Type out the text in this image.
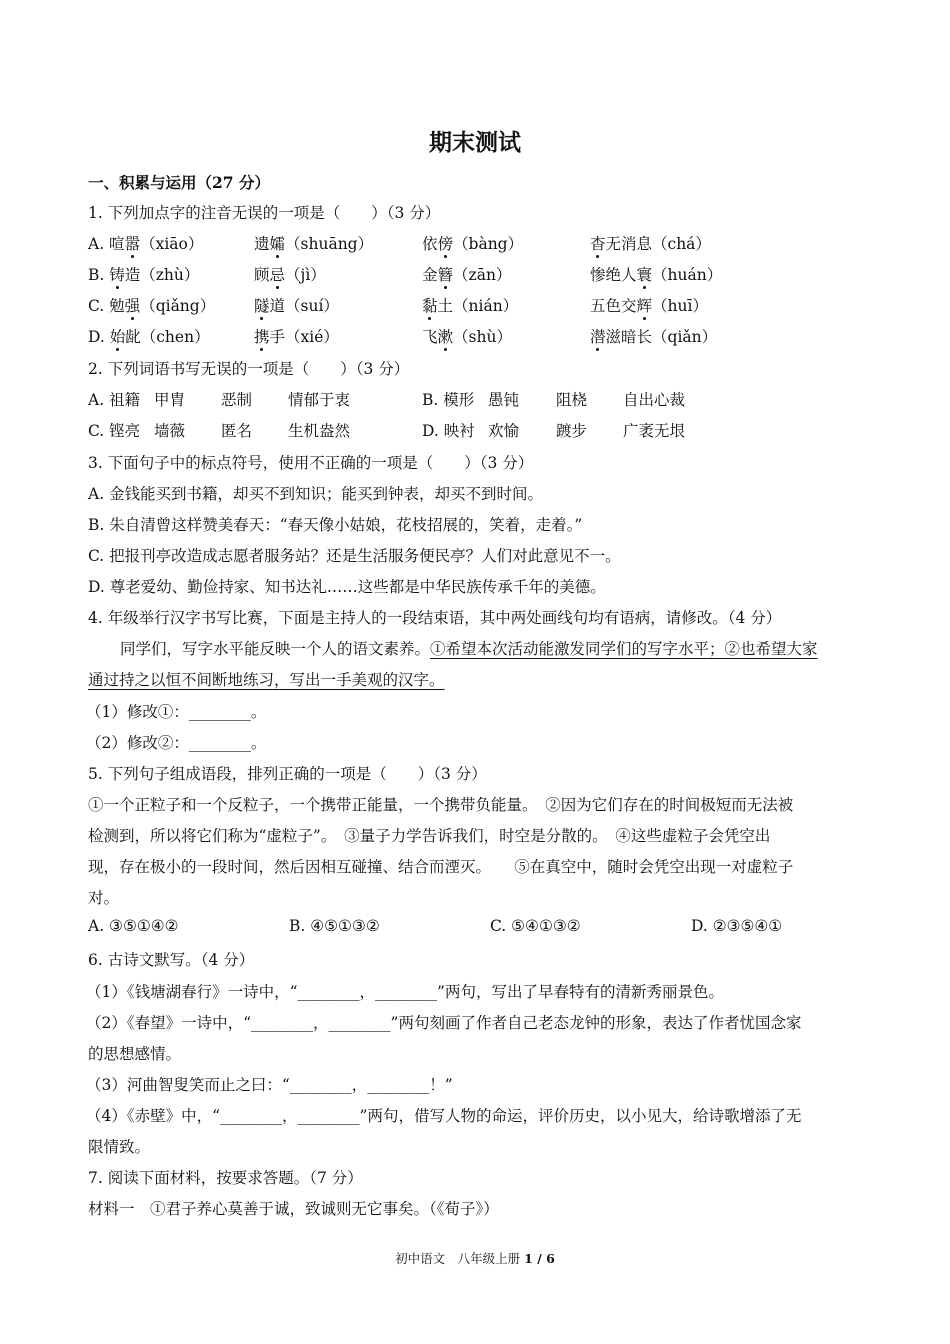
期末测试
一、积累与运用（27 分）
1. 下列加点字的注音无误的一项是（　　）（3 分）
A. 喧嚣（xiāo）	遗孀（shuāng）	依傍（bàng）	杳无消息（chá）
B. 铸造（zhù）	顾忌（jì）	金簪（zān）	惨绝人寰（huán）
C. 勉强（qiǎng）	隧道（suí）	黏土（nián）	五色交辉（huī）
D. 始龀（chen）	携手（xié）	飞漱（shù）	潜滋暗长（qiǎn）
2. 下列词语书写无误的一项是（　　）（3 分）
A. 祖籍 甲胄 恶制 情郁于衷	B. 模形 愚钝 阻桡 自出心裁
C. 铿亮 墙薇 匿名 生机盎然	D. 映衬 欢愉 踱步 广袤无垠
3. 下面句子中的标点符号，使用不正确的一项是（　　）（3 分）
A. 金钱能买到书籍，却买不到知识；能买到钟表，却买不到时间。
B. 朱自清曾这样赞美春天：“春天像小姑娘，花枝招展的，笑着，走着。”
C. 把报刊亭改造成志愿者服务站？还是生活服务便民亭？人们对此意见不一。
D. 尊老爱幼、勤俭持家、知书达礼……这些都是中华民族传承千年的美德。
4. 年级举行汉字书写比赛，下面是主持人的一段结束语，其中两处画线句均有语病，请修改。（4 分）
同学们，写字水平能反映一个人的语文素养。①希望本次活动能激发同学们的写字水平；②也希望大家
通过持之以恒不间断地练习，写出一手美观的汉字。
（1）修改①：________。
（2）修改②：________。
5. 下列句子组成语段，排列正确的一项是（　　）（3 分）
①一个正粒子和一个反粒子，一个携带正能量，一个携带负能量。　②因为它们存在的时间极短而无法被
检测到，所以将它们称为“虚粒子”。　③量子力学告诉我们，时空是分散的。　④这些虚粒子会凭空出
现，存在极小的一段时间，然后因相互碰撞、结合而湮灭。　　⑤在真空中，随时会凭空出现一对虚粒子
对。
A. ③⑤①④②	B. ④⑤①③②	C. ⑤④①③②	D. ②③⑤④①
6. 古诗文默写。（4 分）
（1）《钱塘湖春行》一诗中，“________，________”两句，写出了早春特有的清新秀丽景色。
（2）《春望》一诗中，“________，________”两句刻画了作者自己老态龙钟的形象，表达了作者忧国念家
的思想感情。
（3）河曲智叟笑而止之曰：“________，________！”
（4）《赤壁》中，“________，________”两句，借写人物的命运，评价历史，以小见大，给诗歌增添了无
限情致。
7. 阅读下面材料，按要求答题。（7 分）
材料一　①君子养心莫善于诚，致诚则无它事矣。（《荀子》）
初中语文　八年级上册 1 / 6
